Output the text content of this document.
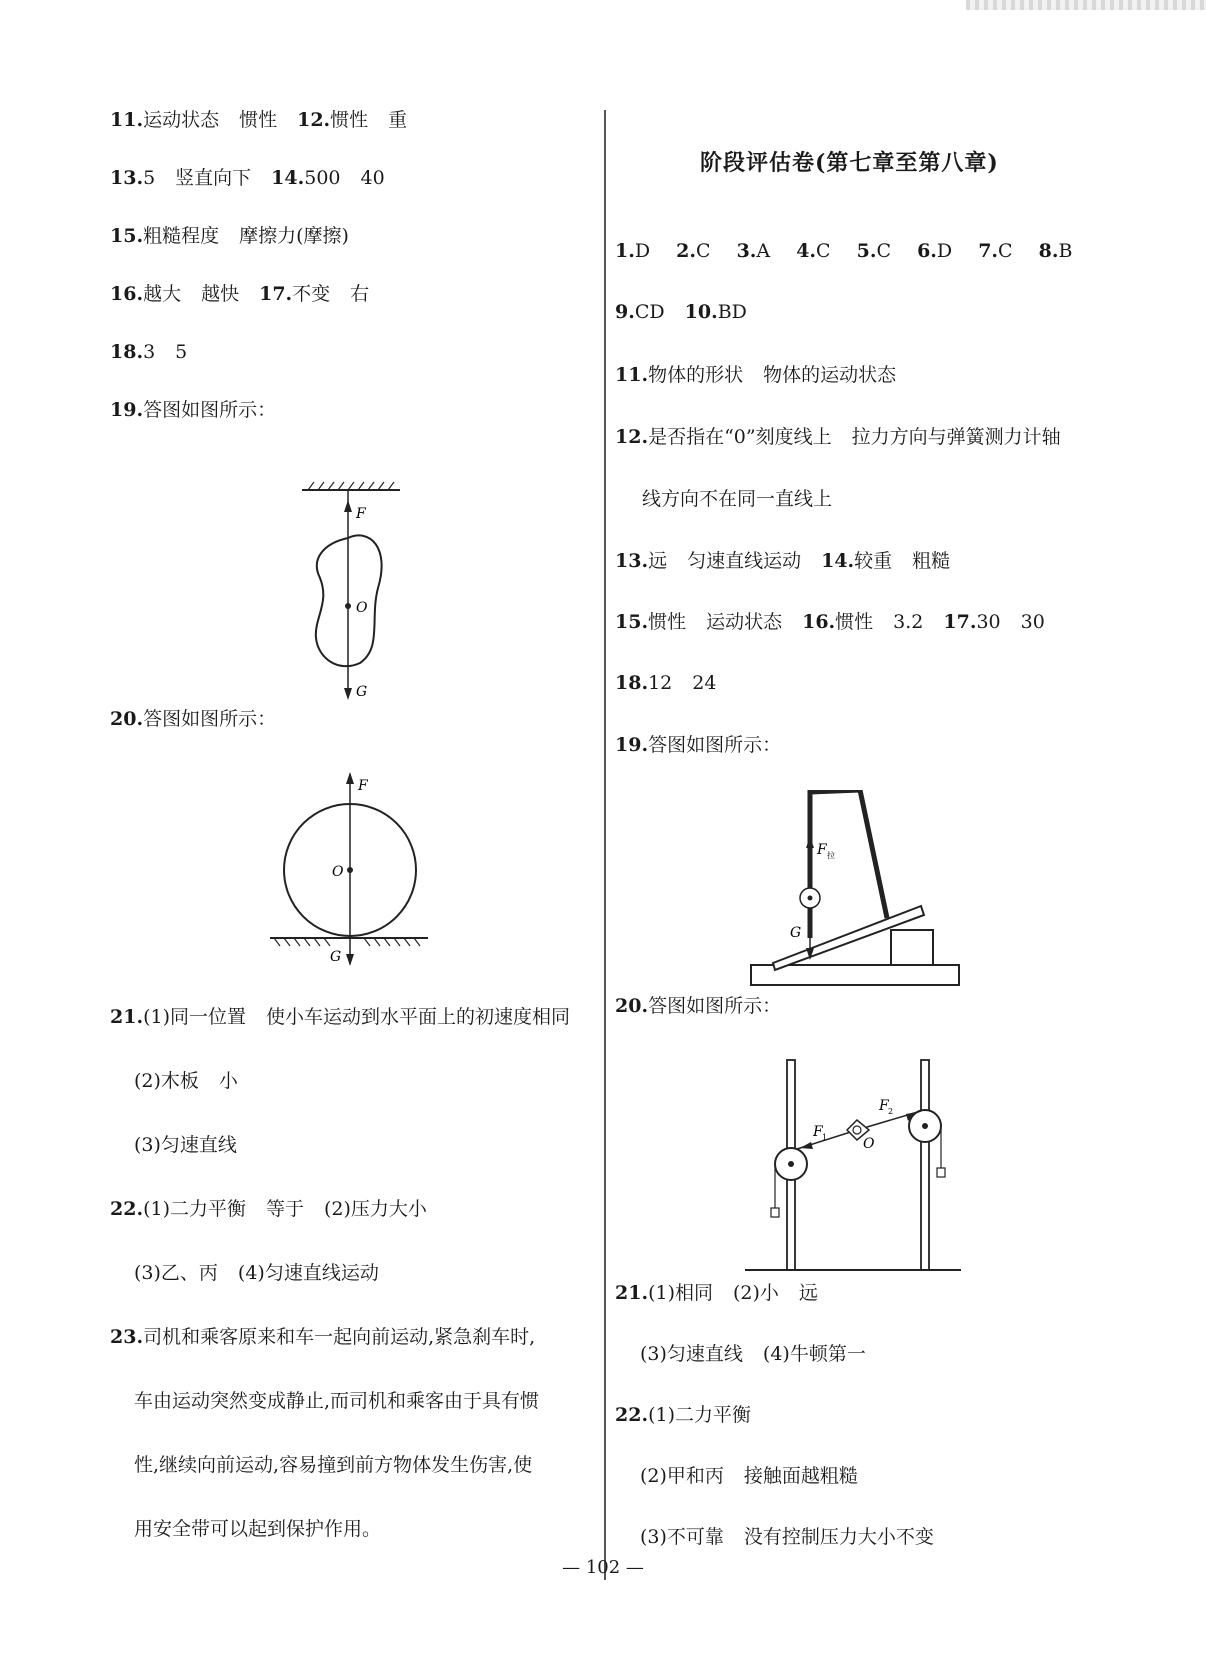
11.运动状态 惯性 12.惯性 重
13.5 竖直向下 14.500 40
15.粗糙程度 摩擦力(摩擦)
16.越大 越快 17.不变 右
18.3 5
19.答图如图所示：
F
O
G
20.答图如图所示：
F
O
G
21.(1)同一位置 使小车运动到水平面上的初速度相同
(2)木板 小
(3)匀速直线
22.(1)二力平衡 等于 (2)压力大小
(3)乙、丙 (4)匀速直线运动
23.司机和乘客原来和车一起向前运动,紧急刹车时,
车由运动突然变成静止,而司机和乘客由于具有惯
性,继续向前运动,容易撞到前方物体发生伤害,使
用安全带可以起到保护作用。
阶段评估卷(第七章至第八章)
1.D 2.C 3.A 4.C 5.C 6.D 7.C 8.B
9.CD 10.BD
11.物体的形状 物体的运动状态
12.是否指在“0”刻度线上 拉力方向与弹簧测力计轴
线方向不在同一直线上
13.远 匀速直线运动 14.较重 粗糙
15.惯性 运动状态 16.惯性 3.2 17.30 30
18.12 24
19.答图如图所示：
F 拉
G
20.答图如图所示：
F 1
F 2
O
21.(1)相同 (2)小 远
(3)匀速直线 (4)牛顿第一
22.(1)二力平衡
(2)甲和丙 接触面越粗糙
(3)不可靠 没有控制压力大小不变
— 102 —
